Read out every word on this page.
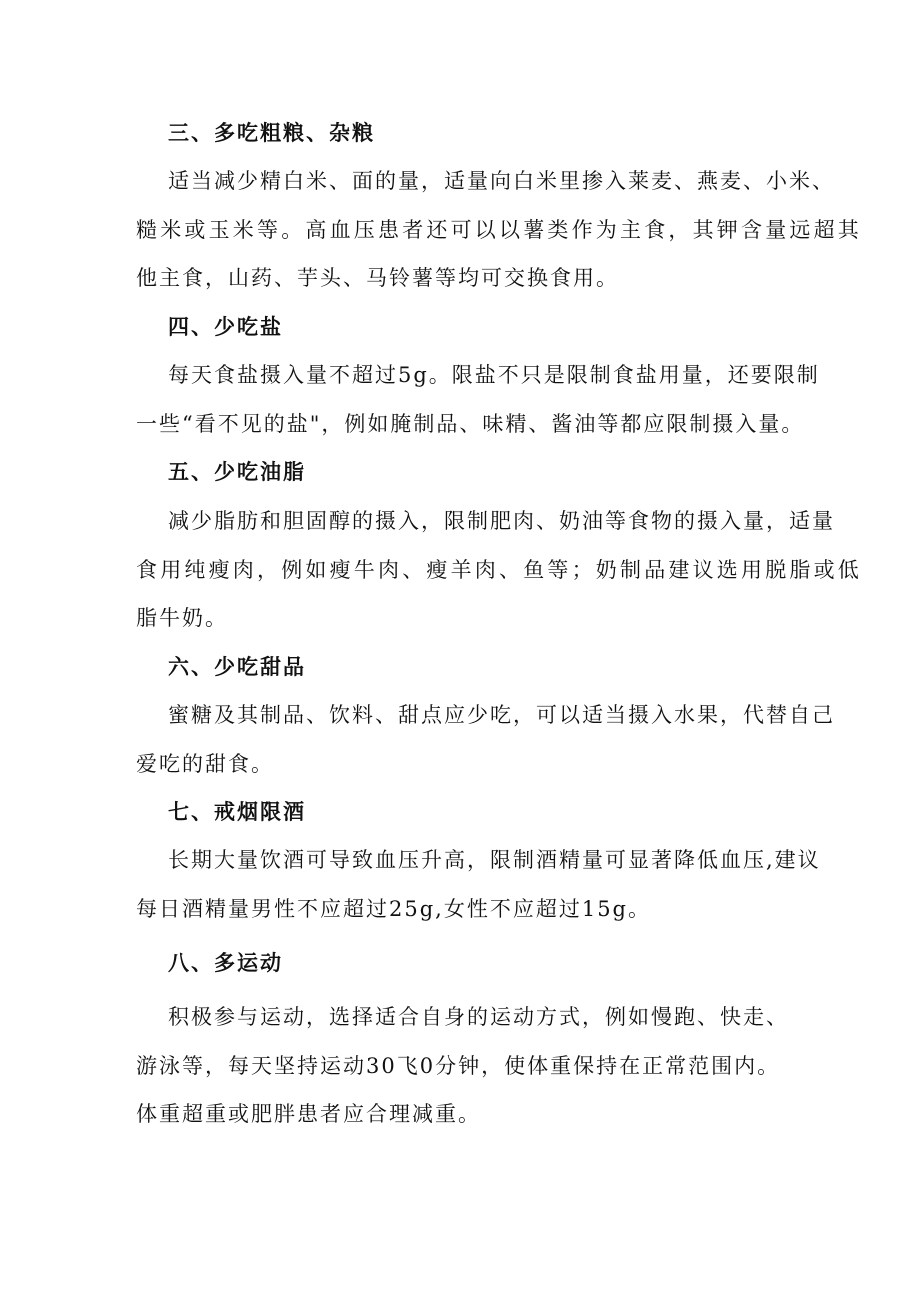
三、多吃粗粮、杂粮

适当减少精白米、面的量，适量向白米里掺入莱麦、燕麦、小米、

糙米或玉米等。高血压患者还可以以薯类作为主食，其钾含量远超其

他主食，山药、芋头、马铃薯等均可交换食用。

四、少吃盐

每天食盐摄入量不超过5g。限盐不只是限制食盐用量，还要限制

一些“看不见的盐"，例如腌制品、味精、酱油等都应限制摄入量。

五、少吃油脂

减少脂肪和胆固醇的摄入，限制肥肉、奶油等食物的摄入量，适量

食用纯瘦肉，例如瘦牛肉、瘦羊肉、鱼等；奶制品建议选用脱脂或低

脂牛奶。

六、少吃甜品

蜜糖及其制品、饮料、甜点应少吃，可以适当摄入水果，代替自己

爱吃的甜食。

七、戒烟限酒

长期大量饮酒可导致血压升高，限制酒精量可显著降低血压,建议

每日酒精量男性不应超过25g,女性不应超过15g。

八、多运动

积极参与运动，选择适合自身的运动方式，例如慢跑、快走、

游泳等，每天坚持运动30飞0分钟，使体重保持在正常范围内。

体重超重或肥胖患者应合理减重。
